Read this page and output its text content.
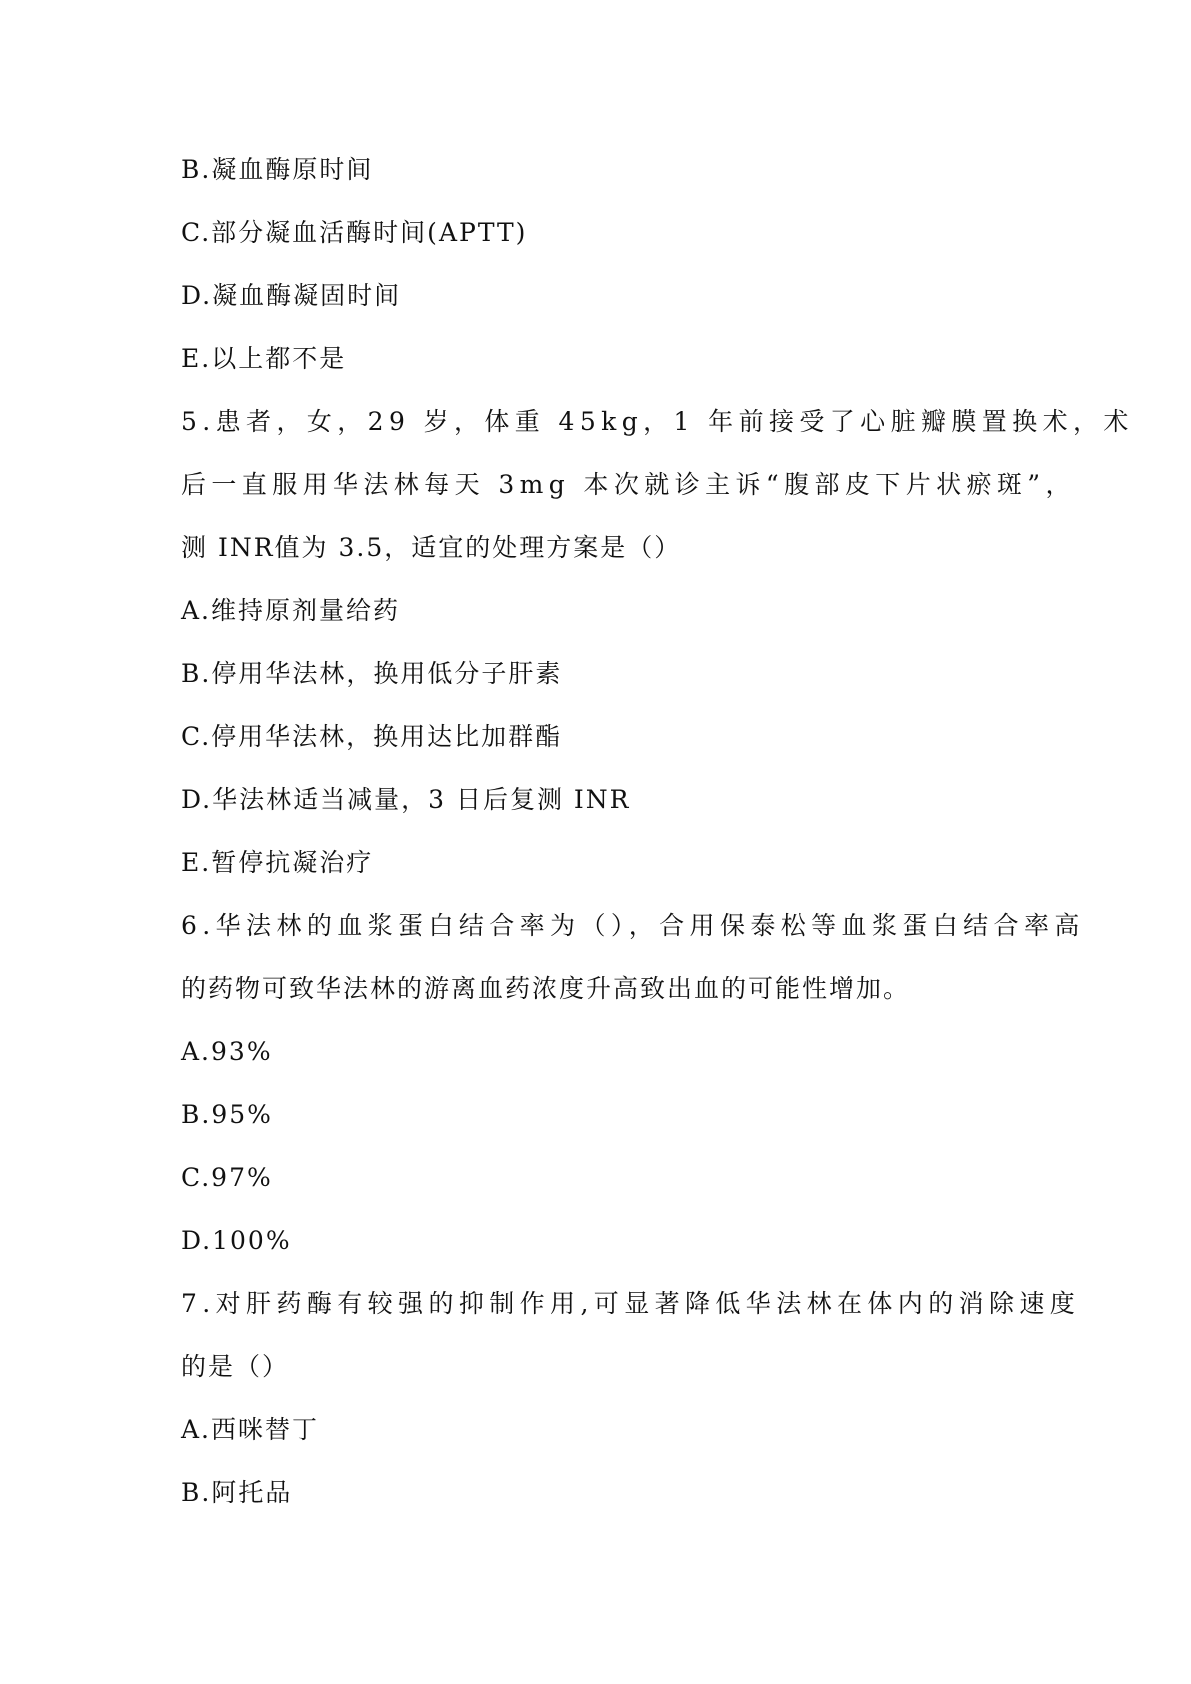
B.凝血酶原时间
C.部分凝血活酶时间(APTT)
D.凝血酶凝固时间
E.以上都不是
5.患者，女，29 岁，体重 45kg，1 年前接受了心脏瓣膜置换术，术
后一直服用华法林每天 3mg 本次就诊主诉“腹部皮下片状瘀斑”，
测 INR值为 3.5，适宜的处理方案是（）
A.维持原剂量给药
B.停用华法林，换用低分子肝素
C.停用华法林，换用达比加群酯
D.华法林适当减量，3 日后复测 INR
E.暂停抗凝治疗
6.华法林的血浆蛋白结合率为（），合用保泰松等血浆蛋白结合率高
的药物可致华法林的游离血药浓度升高致出血的可能性增加。
A.93%
B.95%
C.97%
D.100%
7.对肝药酶有较强的抑制作用,可显著降低华法林在体内的消除速度
的是（）
A.西咪替丁
B.阿托品
